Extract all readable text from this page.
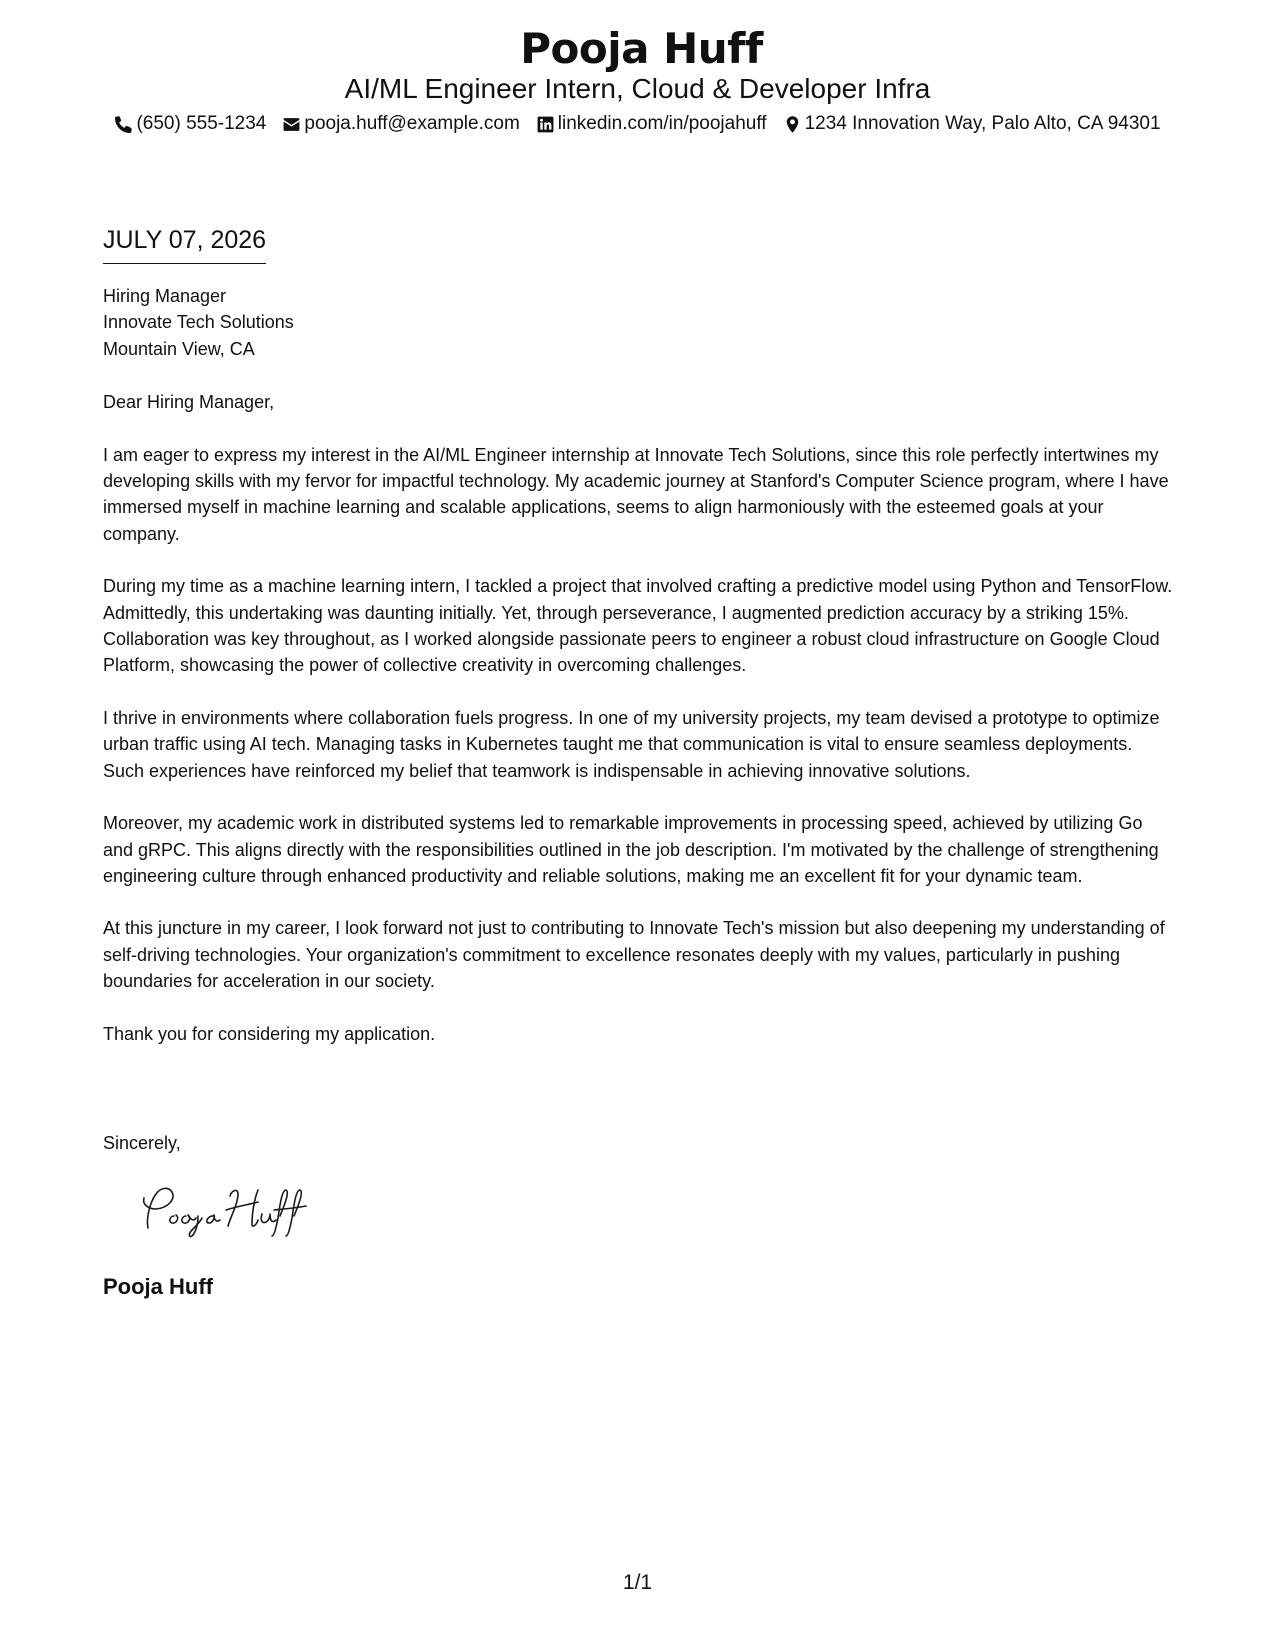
Pooja Huff
AI/ML Engineer Intern, Cloud & Developer Infra
(650) 555-1234 pooja.huff@example.com linkedin.com/in/poojahuff 1234 Innovation Way, Palo Alto, CA 94301
JULY 07, 2026
Hiring Manager
Innovate Tech Solutions
Mountain View, CA
Dear Hiring Manager,
I am eager to express my interest in the AI/ML Engineer internship at Innovate Tech Solutions, since this role perfectly intertwines my developing skills with my fervor for impactful technology. My academic journey at Stanford's Computer Science program, where I have immersed myself in machine learning and scalable applications, seems to align harmoniously with the esteemed goals at your company.
During my time as a machine learning intern, I tackled a project that involved crafting a predictive model using Python and TensorFlow. Admittedly, this undertaking was daunting initially. Yet, through perseverance, I augmented prediction accuracy by a striking 15%. Collaboration was key throughout, as I worked alongside passionate peers to engineer a robust cloud infrastructure on Google Cloud Platform, showcasing the power of collective creativity in overcoming challenges.
I thrive in environments where collaboration fuels progress. In one of my university projects, my team devised a prototype to optimize urban traffic using AI tech. Managing tasks in Kubernetes taught me that communication is vital to ensure seamless deployments. Such experiences have reinforced my belief that teamwork is indispensable in achieving innovative solutions.
Moreover, my academic work in distributed systems led to remarkable improvements in processing speed, achieved by utilizing Go and gRPC. This aligns directly with the responsibilities outlined in the job description. I'm motivated by the challenge of strengthening engineering culture through enhanced productivity and reliable solutions, making me an excellent fit for your dynamic team.
At this juncture in my career, I look forward not just to contributing to Innovate Tech's mission but also deepening my understanding of self-driving technologies. Your organization's commitment to excellence resonates deeply with my values, particularly in pushing boundaries for acceleration in our society.
Thank you for considering my application.
Sincerely,
Pooja Huff
1/1
